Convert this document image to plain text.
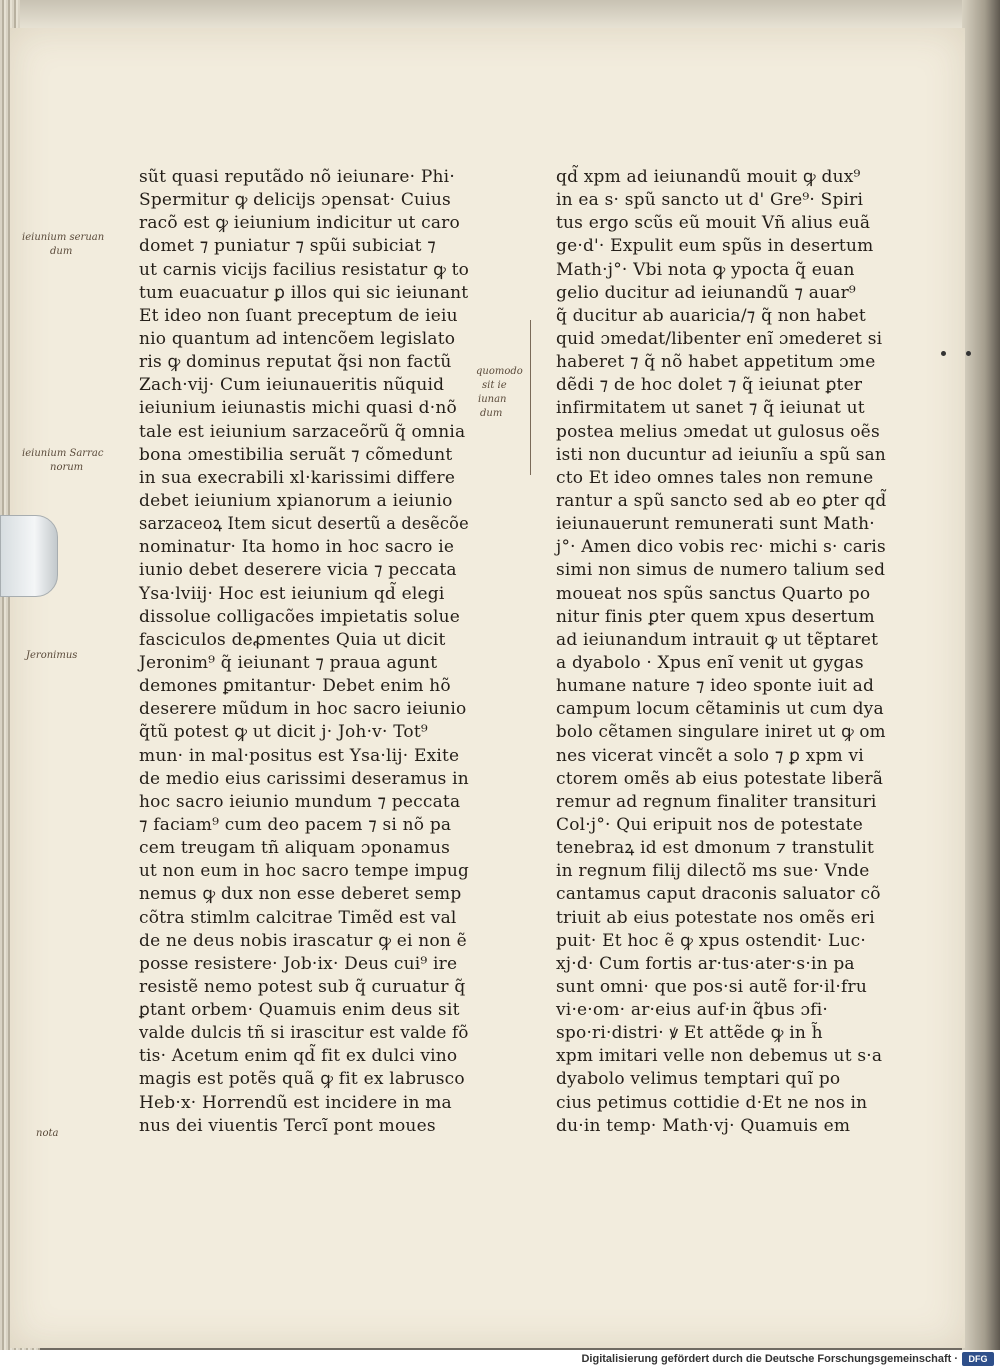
sũt quasi reputãdo nõ ieiunare· Phi·
Spermitur ꝙ delicijs ɔpensat· Cuius
racõ est ꝙ ieiunium indicitur ut caro
domet ⁊ puniatur ⁊ spũi subiciat ⁊
ut carnis vicijs facilius resistatur ꝙ to
tum euacuatur ꝑ illos qui sic ieiunant
Et ideo non ſuant preceptum de ieiu
nio quantum ad intencõem legislato
ris ꝙ dominus reputat q̃si non factũ
Zach·vij· Cum ieiunaueritis nũquid
ieiunium ieiunastis michi quasi d·nõ
tale est ieiunium sarzaceõrũ q̃ omnia
bona ɔmestibilia seruãt ⁊ cõmedunt
in sua execrabili xl·karissimi differe
debet ieiunium xpianorum a ieiunio
sarzaceoꝝ Item sicut desertũ a desẽcõe
nominatur· Ita homo in hoc sacro ie
iunio debet deserere vicia ⁊ peccata
Ysa·lviij· Hoc est ieiunium qd̃ elegi
dissolue colligacões impietatis solue
fasciculos deꝓmentes Quia ut dicit
Jeronim⁹ q̃ ieiunant ⁊ praua agunt
demones ꝑmitantur· Debet enim hõ
deserere mũdum in hoc sacro ieiunio
q̃tũ potest ꝙ ut dicit j· Joh·v· Tot⁹
mun· in mal·positus est Ysa·lij· Exite
de medio eius carissimi deseramus in
hoc sacro ieiunio mundum ⁊ peccata
⁊ faciam⁹ cum deo pacem ⁊ si nõ pa
cem treugam tñ aliquam ɔponamus
ut non eum in hoc sacro tempe impug
nemus ꝙ dux non esse deberet semp
cõtra stimlm calcitrae Timẽd est val
de ne deus nobis irascatur ꝙ ei non ẽ
posse resistere· Job·ix· Deus cui⁹ ire
resistẽ nemo potest sub q̃ curuatur q̃
ꝑtant orbem· Quamuis enim deus sit
valde dulcis tñ si irascitur est valde fõ
tis· Acetum enim qd̃ fit ex dulci vino
magis est potẽs quã ꝙ fit ex labrusco
Heb·x· Horrendũ est incidere in ma
nus dei viuentis Tercĩ pont moues
qd̃ xpm ad ieiunandũ mouit ꝙ dux⁹
in ea s· spũ sancto ut d' Gre⁹· Spiri
tus ergo scũs eũ mouit Vñ alius euã
ge·d'· Expulit eum spũs in desertum
Math·j°· Vbi nota ꝙ ypocta q̃ euan
gelio ducitur ad ieiunandũ ⁊ auar⁹
q̃ ducitur ab auaricia/⁊ q̃ non habet
quid ɔmedat/libenter enĩ ɔmederet si
haberet ⁊ q̃ nõ habet appetitum ɔme
dẽdi ⁊ de hoc dolet ⁊ q̃ ieiunat ꝑter
infirmitatem ut sanet ⁊ q̃ ieiunat ut
postea melius ɔmedat ut gulosus oẽs
isti non ducuntur ad ieiunĩu a spũ san
cto Et ideo omnes tales non remune
rantur a spũ sancto sed ab eo ꝑter qd̃
ieiunauerunt remunerati sunt Math·
j°· Amen dico vobis rec· michi s· caris
simi non simus de numero talium sed
moueat nos spũs sanctus Quarto po
nitur finis ꝑter quem xpus desertum
ad ieiunandum intrauit ꝙ ut tẽptaret
a dyabolo · Xpus enĩ venit ut gygas
humane nature ⁊ ideo sponte iuit ad
campum locum cẽtaminis ut cum dya
bolo cẽtamen singulare iniret ut ꝙ om
nes vicerat vincẽt a solo ⁊ ꝑ xpm vi
ctorem omẽs ab eius potestate liberã
remur ad regnum finaliter transituri
Col·j°· Qui eripuit nos de potestate
tenebraꝝ id est dmonum ⁊ transtulit
in regnum filij dilectõ ms sue· Vnde
cantamus caput draconis saluator cõ
triuit ab eius potestate nos omẽs eri
puit· Et hoc ẽ ꝙ xpus ostendit· Luc·
xj·d· Cum fortis ar·tus·ater·s·in pa
sunt omni· que pos·si autẽ for·il·fru
vi·e·om· ar·eius auf·in q̃bus ɔfi·
spo·ri·distri· ꝟ Et attẽde ꝙ in h̃
xpm imitari velle non debemus ut s·a
dyabolo velimus temptari quĩ po
cius petimus cottidie d·Et ne nos in
du·in temp· Math·vj· Quamuis em
ieiunium seruan
dum
ieiunium Sarrac
norum
Jeronimus
nota
quomodo
sit ie
iunan
dum
Digitalisierung gefördert durch die Deutsche Forschungsgemeinschaft ·	DFG
